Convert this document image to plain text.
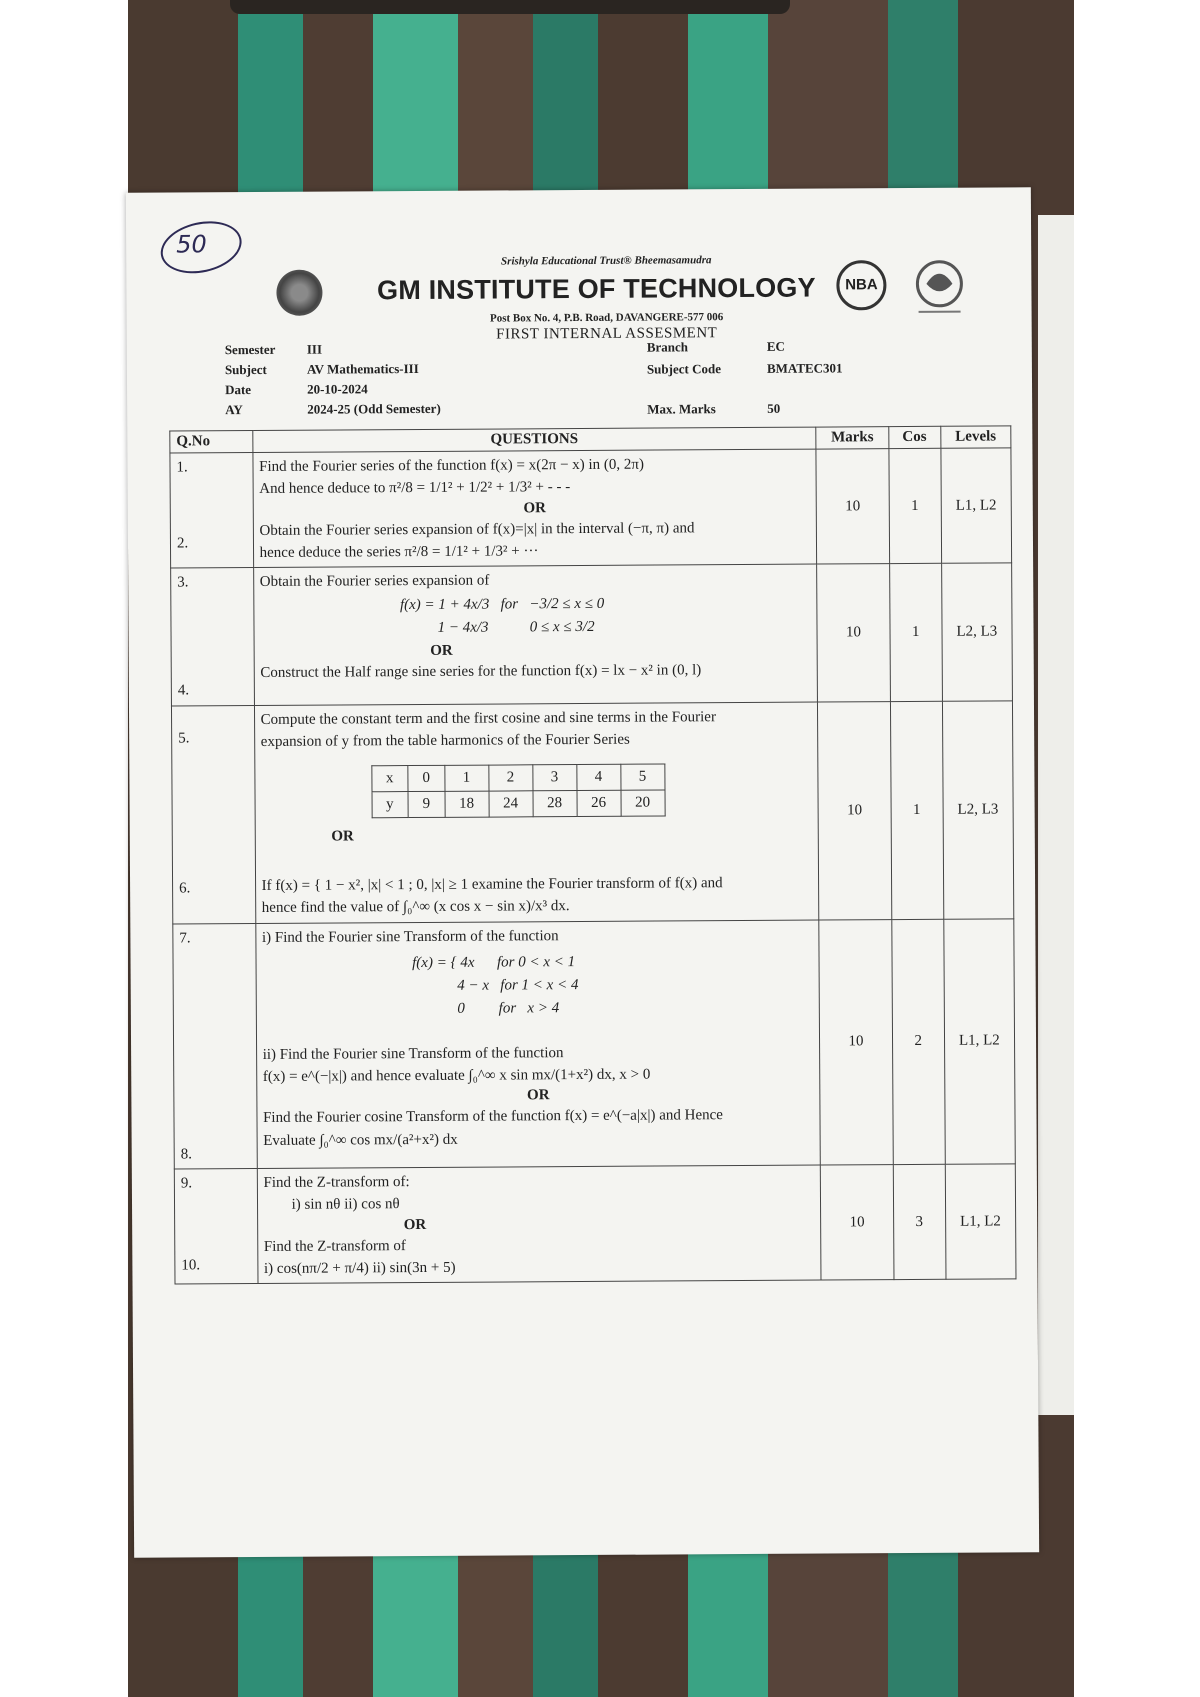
50
NBA
Srishyla Educational Trust® Bheemasamudra
GM INSTITUTE OF TECHNOLOGY
Post Box No. 4, P.B. Road, DAVANGERE-577 006
FIRST INTERNAL ASSESMENT
Semester III
Subject	AV Mathematics-III
Date	20-10-2024
AY	2024-25 (Odd Semester)
Branch	EC
Subject Code	BMATEC301
Max. Marks	50
Q.No	QUESTIONS	Marks	Cos	Levels

1.
2.

Find the Fourier series of the function f(x) = x(2π − x) in (0, 2π)
And hence deduce to π²/8 = 1/1² + 1/2² + 1/3² + - - -
OR
Obtain the Fourier series expansion of f(x)=|x| in the interval (−π, π) and
hence deduce the series π²/8 = 1/1² + 1/3² + ···
	10	1	L1, L2

3.
4.

Obtain the Fourier series expansion of
f(x) = 1 + 4x/3   for   −3/2 ≤ x ≤ 0
1 − 4x/3           0 ≤ x ≤ 3/2
OR
Construct the Half range sine series for the function f(x) = lx − x² in (0, l)
	10	1	L2, L3

5.
6.

Compute the constant term and the first cosine and sine terms in the Fourier
expansion of y from the table harmonics of the Fourier Series
x	0	1	2	3	4	5
y	9	18	24	28	26	20
OR
If f(x) = { 1 − x², |x| < 1 ; 0, |x| ≥ 1 examine the Fourier transform of f(x) and
hence find the value of ∫₀^∞ (x cos x − sin x)/x³ dx.
	10	1	L2, L3

7.
8.

i) Find the Fourier sine Transform of the function
f(x) = { 4x      for 0 < x < 1
4 − x   for 1 < x < 4
0         for   x > 4
ii) Find the Fourier sine Transform of the function
f(x) = e^(−|x|) and hence evaluate ∫₀^∞ x sin mx/(1+x²) dx, x > 0
OR
Find the Fourier cosine Transform of the function f(x) = e^(−a|x|) and Hence
Evaluate ∫₀^∞ cos mx/(a²+x²) dx
	10	2	L1, L2

9.
10.

Find the Z-transform of:
i) sin nθ ii) cos nθ
OR
Find the Z-transform of
i) cos(nπ/2 + π/4) ii) sin(3n + 5)
	10	3	L1, L2
